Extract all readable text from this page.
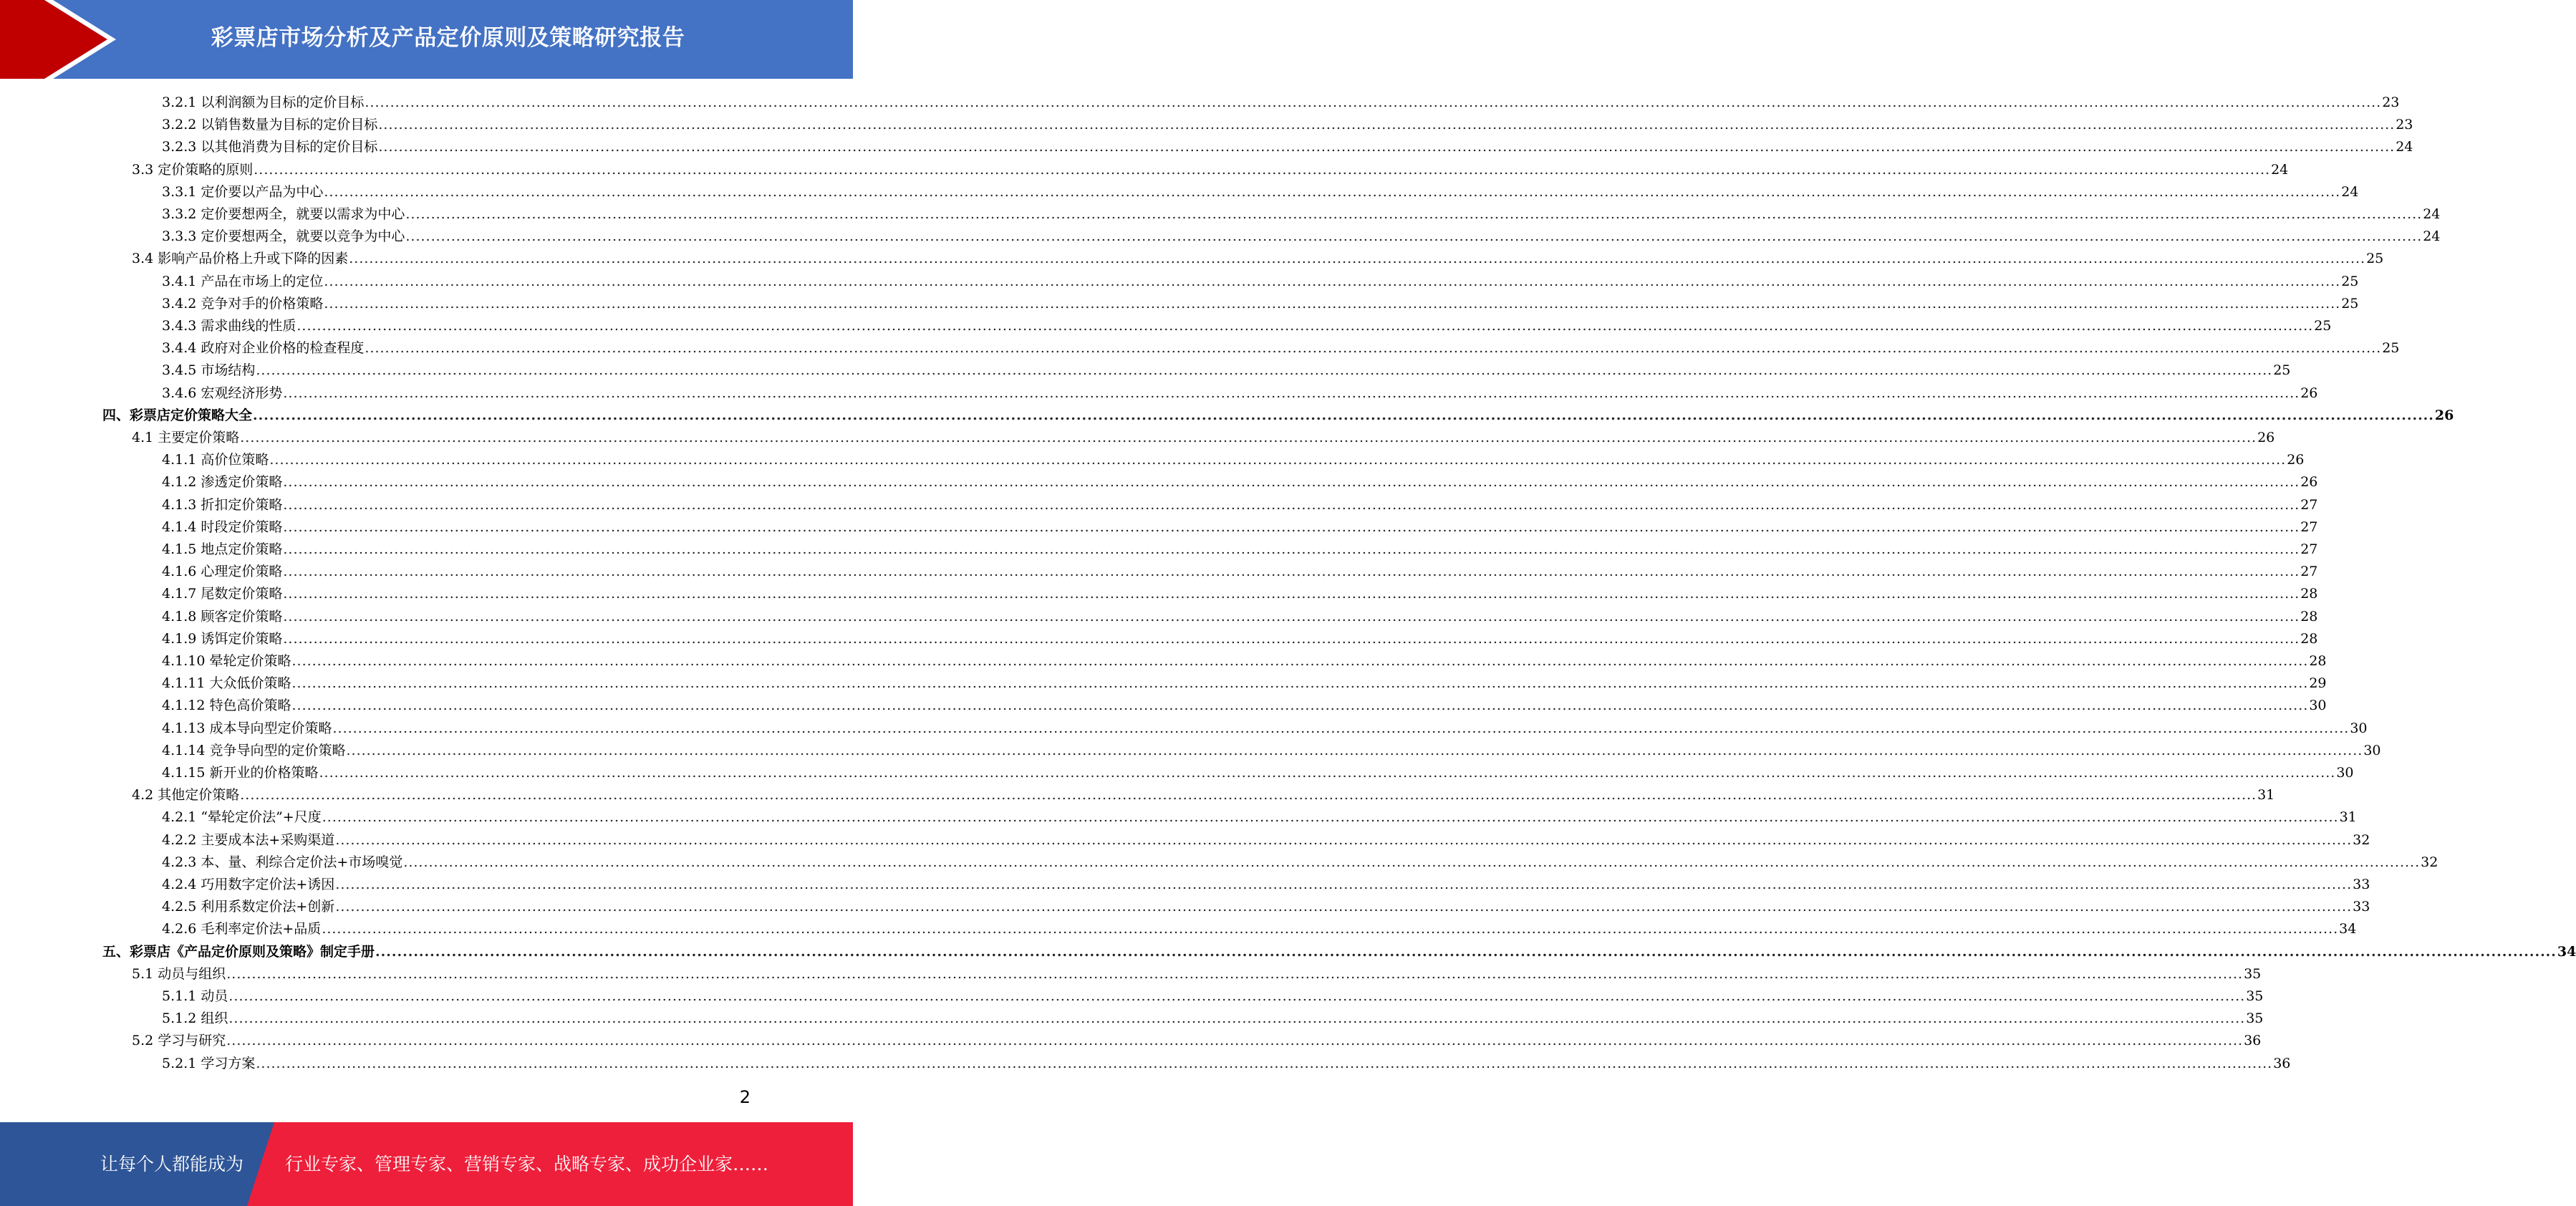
彩票店市场分析及产品定价原则及策略研究报告
3.2.1 以利润额为目标的定价目标 ................................................................................................................................................................................................................................................................................................................................................................................................................ 23
3.2.2 以销售数量为目标的定价目标 ................................................................................................................................................................................................................................................................................................................................................................................................................ 23
3.2.3 以其他消费为目标的定价目标 ................................................................................................................................................................................................................................................................................................................................................................................................................ 24
3.3 定价策略的原则 ................................................................................................................................................................................................................................................................................................................................................................................................................ 24
3.3.1 定价要以产品为中心 ................................................................................................................................................................................................................................................................................................................................................................................................................ 24
3.3.2 定价要想两全，就要以需求为中心 ................................................................................................................................................................................................................................................................................................................................................................................................................ 24
3.3.3 定价要想两全，就要以竞争为中心 ................................................................................................................................................................................................................................................................................................................................................................................................................ 24
3.4 影响产品价格上升或下降的因素 ................................................................................................................................................................................................................................................................................................................................................................................................................ 25
3.4.1 产品在市场上的定位 ................................................................................................................................................................................................................................................................................................................................................................................................................ 25
3.4.2 竞争对手的价格策略 ................................................................................................................................................................................................................................................................................................................................................................................................................ 25
3.4.3 需求曲线的性质 ................................................................................................................................................................................................................................................................................................................................................................................................................ 25
3.4.4 政府对企业价格的检查程度 ................................................................................................................................................................................................................................................................................................................................................................................................................ 25
3.4.5 市场结构 ................................................................................................................................................................................................................................................................................................................................................................................................................ 25
3.4.6 宏观经济形势 ................................................................................................................................................................................................................................................................................................................................................................................................................ 26
四、彩票店定价策略大全 ................................................................................................................................................................................................................................................................................................................................................................................................................ 26
4.1 主要定价策略 ................................................................................................................................................................................................................................................................................................................................................................................................................ 26
4.1.1 高价位策略 ................................................................................................................................................................................................................................................................................................................................................................................................................ 26
4.1.2 渗透定价策略 ................................................................................................................................................................................................................................................................................................................................................................................................................ 26
4.1.3 折扣定价策略 ................................................................................................................................................................................................................................................................................................................................................................................................................ 27
4.1.4 时段定价策略 ................................................................................................................................................................................................................................................................................................................................................................................................................ 27
4.1.5 地点定价策略 ................................................................................................................................................................................................................................................................................................................................................................................................................ 27
4.1.6 心理定价策略 ................................................................................................................................................................................................................................................................................................................................................................................................................ 27
4.1.7 尾数定价策略 ................................................................................................................................................................................................................................................................................................................................................................................................................ 28
4.1.8 顾客定价策略 ................................................................................................................................................................................................................................................................................................................................................................................................................ 28
4.1.9 诱饵定价策略 ................................................................................................................................................................................................................................................................................................................................................................................................................ 28
4.1.10 晕轮定价策略 ................................................................................................................................................................................................................................................................................................................................................................................................................ 28
4.1.11 大众低价策略 ................................................................................................................................................................................................................................................................................................................................................................................................................ 29
4.1.12 特色高价策略 ................................................................................................................................................................................................................................................................................................................................................................................................................ 30
4.1.13 成本导向型定价策略 ................................................................................................................................................................................................................................................................................................................................................................................................................ 30
4.1.14 竞争导向型的定价策略 ................................................................................................................................................................................................................................................................................................................................................................................................................ 30
4.1.15 新开业的价格策略 ................................................................................................................................................................................................................................................................................................................................................................................................................ 30
4.2 其他定价策略 ................................................................................................................................................................................................................................................................................................................................................................................................................ 31
4.2.1 “晕轮定价法”+尺度 ................................................................................................................................................................................................................................................................................................................................................................................................................ 31
4.2.2 主要成本法+采购渠道 ................................................................................................................................................................................................................................................................................................................................................................................................................ 32
4.2.3 本、量、利综合定价法+市场嗅觉 ................................................................................................................................................................................................................................................................................................................................................................................................................ 32
4.2.4 巧用数字定价法+诱因 ................................................................................................................................................................................................................................................................................................................................................................................................................ 33
4.2.5 利用系数定价法+创新 ................................................................................................................................................................................................................................................................................................................................................................................................................ 33
4.2.6 毛利率定价法+品质 ................................................................................................................................................................................................................................................................................................................................................................................................................ 34
五、彩票店《产品定价原则及策略》制定手册 ................................................................................................................................................................................................................................................................................................................................................................................................................ 34
5.1 动员与组织 ................................................................................................................................................................................................................................................................................................................................................................................................................ 35
5.1.1 动员 ................................................................................................................................................................................................................................................................................................................................................................................................................ 35
5.1.2 组织 ................................................................................................................................................................................................................................................................................................................................................................................................................ 35
5.2 学习与研究 ................................................................................................................................................................................................................................................................................................................................................................................................................ 36
5.2.1 学习方案 ................................................................................................................................................................................................................................................................................................................................................................................................................ 36
2
让每个人都能成为 行业专家、管理专家、营销专家、战略专家、成功企业家……
